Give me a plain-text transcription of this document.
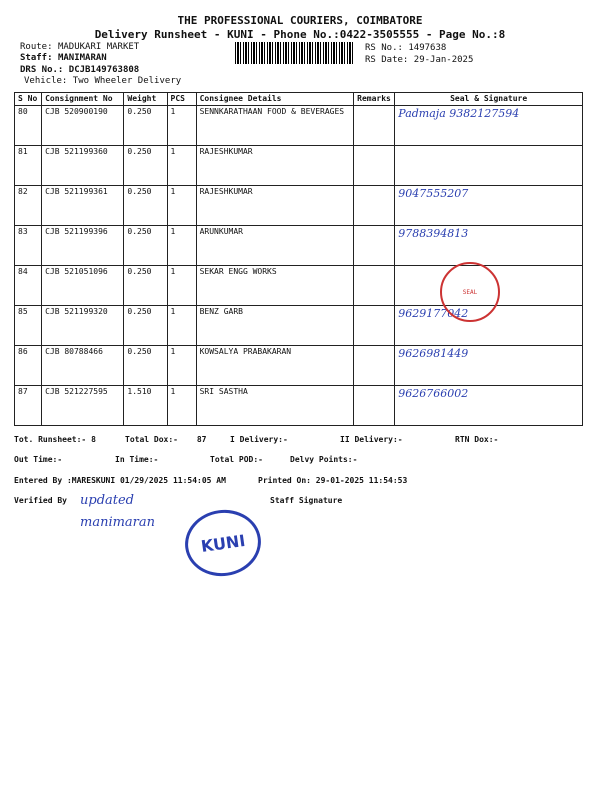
THE PROFESSIONAL COURIERS, COIMBATORE
Delivery Runsheet - KUNI - Phone No.:0422-3505555 - Page No.:8
Route: MADUKARI MARKET
Staff: MANIMARAN
DRS No.: DCJB149763808
Vehicle: Two Wheeler Delivery
RS No.: 1497638
RS Date: 29-Jan-2025
S No	Consignment No	Weight	PCS	Consignee Details	Remarks	Seal & Signature
80	CJB 520900190	0.250	1	SENNKARATHAAN FOOD & BEVERAGES		Padmaja 9382127594
81	CJB 521199360	0.250	1	RAJESHKUMAR		
82	CJB 521199361	0.250	1	RAJESHKUMAR		9047555207
83	CJB 521199396	0.250	1	ARUNKUMAR		9788394813
84	CJB 521051096	0.250	1	SEKAR ENGG WORKS		
85	CJB 521199320	0.250	1	BENZ GARB		9629177042
86	CJB 80788466	0.250	1	KOWSALYA PRABAKARAN		9626981449
87	CJB 521227595	1.510	1	SRI SASTHA		9626766002
SEAL
Tot. Runsheet:- 8	Total Dox:- 87	I Delivery:-	II Delivery:-	RTN Dox:-
Out Time:-	In Time:-	Total POD:-	Delvy Points:-
Entered By :MARESKUNI 01/29/2025 11:54:05 AM	Printed On: 29-01-2025 11:54:53
Verified By updated manimaran
Staff Signature
KUNI
